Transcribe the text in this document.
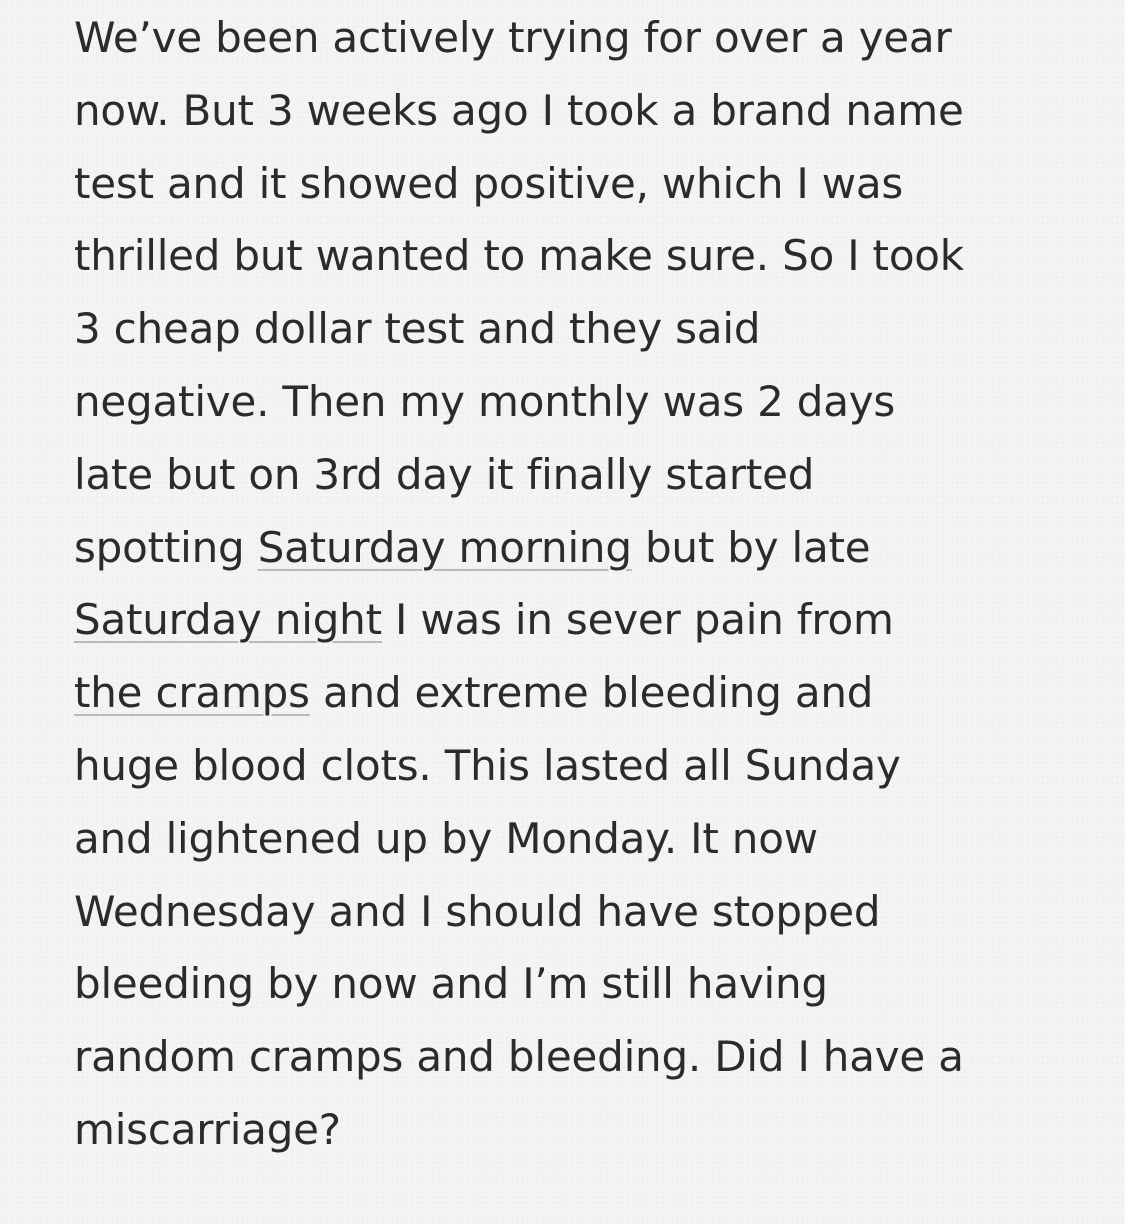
We’ve been actively trying for over a year
now. But 3 weeks ago I took a brand name
test and it showed positive, which I was
thrilled but wanted to make sure. So I took
3 cheap dollar test and they said
negative. Then my monthly was 2 days
late but on 3rd day it finally started
spotting Saturday morning but by late
Saturday night I was in sever pain from
the cramps and extreme bleeding and
huge blood clots. This lasted all Sunday
and lightened up by Monday. It now
Wednesday and I should have stopped
bleeding by now and I’m still having
random cramps and bleeding. Did I have a
miscarriage?
